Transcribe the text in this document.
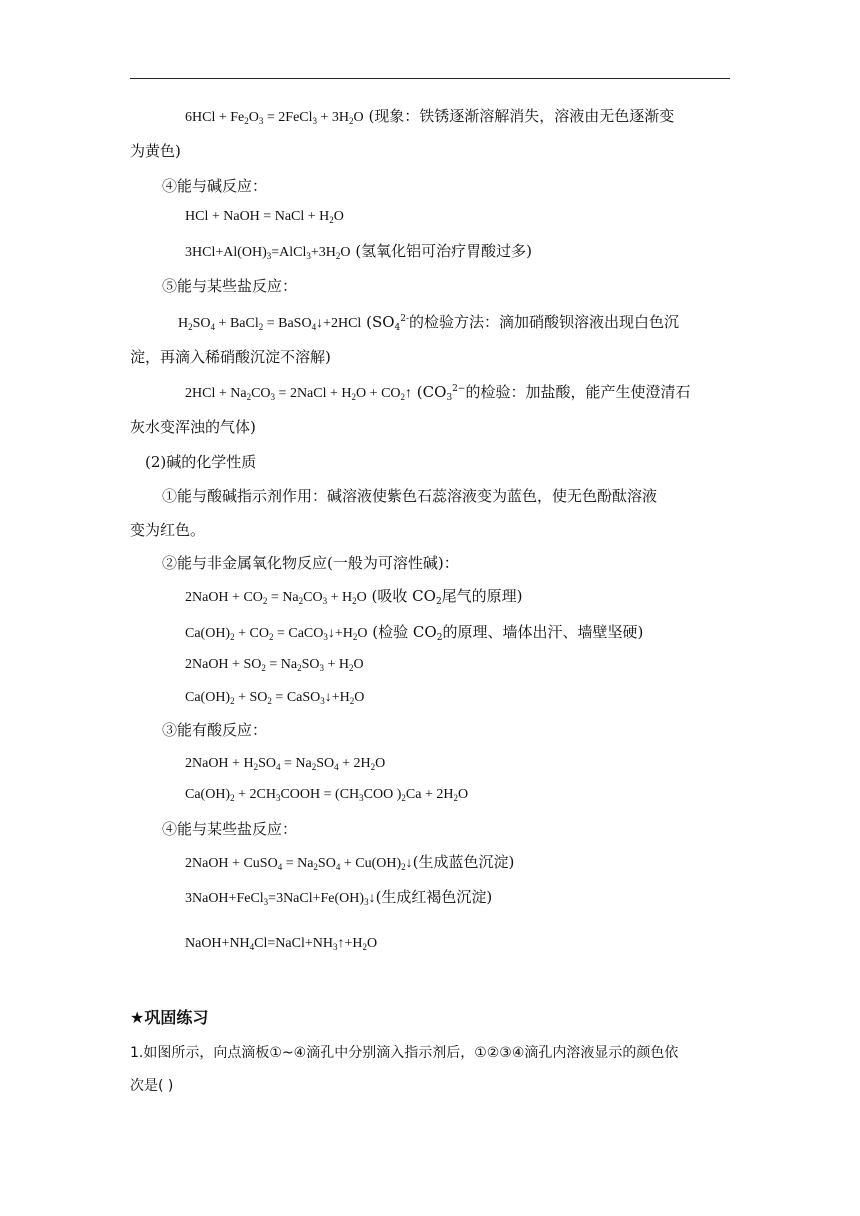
$6HCl + Fe_2O_3$ = 2FeCl$_3$ + $3H_2O$ (现象：铁锈逐渐溶解消失，溶液由无色逐渐变
为黄色)
④能与碱反应：
HCl + NaOH = NaCl + $H_2O$
$3HCl+Al(OH)_3=AlCl_3+3H_2O$ (氢氧化铝可治疗胃酸过多)
⑤能与某些盐反应：
$H_2SO_4$ + BaCl$_2$ = BaSO$_4$↓+2HCl ($SO_4^{2-}$的检验方法：滴加硝酸钡溶液出现白色沉
淀，再滴入稀硝酸沉淀不溶解)
$2HCl + Na_2CO_3$ = 2NaCl + $H_2O$ + $CO_2↑$ ($CO_3^{2-}$的检验：加盐酸，能产生使澄清石
灰水变浑浊的气体)
(2)碱的化学性质
①能与酸碱指示剂作用：碱溶液使紫色石蕊溶液变为蓝色，使无色酚酞溶液
变为红色。
②能与非金属氧化物反应(一般为可溶性碱)：
2NaOH + $CO_2 = Na_2CO_3 + H_2O$ (吸收 $CO_2$尾气的原理)
$Ca(OH)_2 + CO_2$ = $CaCO_3↓+H_2O$ (检验 $CO_2$的原理、墙体出汗、墙壁坚硬)
2NaOH + $SO_2 = Na_2SO_3 + H_2O$
$Ca(OH)_2 + SO_2$ = $CaSO_3↓+H_2O$
③能有酸反应：
2NaOH + $H_2SO_4 = Na_2SO_4 + 2H_2O$
$Ca(OH)_2$ + $2CH_3COOH = (CH_3COO$ )$_2Ca + 2H_2O$
④能与某些盐反应：
2NaOH + CuSO$_4$ = $Na_2SO_4$ + $Cu(OH)_2↓$(生成蓝色沉淀)
$3NaOH+FeCl_3=3NaCl+Fe(OH)_3↓$(生成红褐色沉淀)
$NaOH+NH_4Cl=NaCl+NH_3↑+H_2O$
★巩固练习
1.如图所示，向点滴板①~④滴孔中分别滴入指示剂后，①②③④滴孔内溶液显示的颜色依
次是( )
